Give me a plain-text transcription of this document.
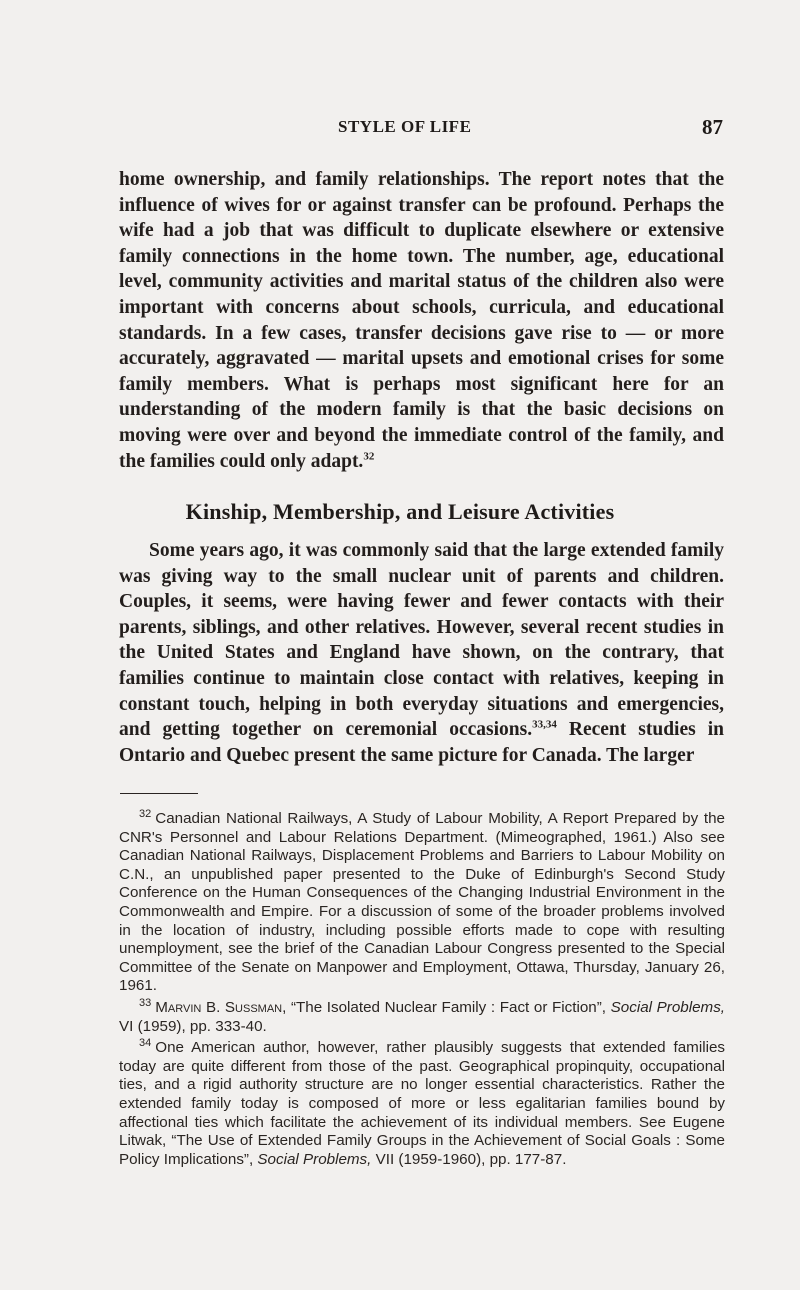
STYLE OF LIFE	87
home ownership, and family relationships. The report notes that the influence of wives for or against transfer can be profound. Perhaps the wife had a job that was difficult to duplicate elsewhere or extensive family connections in the home town. The number, age, educational level, community activities and marital status of the children also were important with concerns about schools, curricula, and educational standards. In a few cases, transfer decisions gave rise to — or more accurately, aggravated — marital upsets and emotional crises for some family members. What is perhaps most significant here for an understanding of the modern family is that the basic decisions on moving were over and beyond the immediate control of the family, and the families could only adapt.$^{32}$
Kinship, Membership, and Leisure Activities
Some years ago, it was commonly said that the large extended family was giving way to the small nuclear unit of parents and children. Couples, it seems, were having fewer and fewer contacts with their parents, siblings, and other relatives. However, several recent studies in the United States and England have shown, on the contrary, that families continue to maintain close contact with relatives, keeping in constant touch, helping in both everyday situations and emergencies, and getting together on ceremonial occasions.$^{33,34}$ Recent studies in Ontario and Quebec present the same picture for Canada. The larger

$^{32}$ Canadian National Railways, A Study of Labour Mobility, A Report Prepared by the CNR's Personnel and Labour Relations Department. (Mimeographed, 1961.) Also see Canadian National Railways, Displacement Problems and Barriers to Labour Mobility on C.N., an unpublished paper presented to the Duke of Edinburgh's Second Study Conference on the Human Consequences of the Changing Industrial Environment in the Commonwealth and Empire. For a discussion of some of the broader problems involved in the location of industry, including possible efforts made to cope with resulting unemployment, see the brief of the Canadian Labour Congress presented to the Special Committee of the Senate on Manpower and Employment, Ottawa, Thursday, January 26, 1961.

$^{33}$ Marvin B. Sussman, “The Isolated Nuclear Family : Fact or Fiction”, Social Problems, VI (1959), pp. 333-40.

$^{34}$ One American author, however, rather plausibly suggests that extended families today are quite different from those of the past. Geographical propinquity, occupational ties, and a rigid authority structure are no longer essential characteristics. Rather the extended family today is composed of more or less egalitarian families bound by affectional ties which facilitate the achievement of its individual members. See Eugene Litwak, “The Use of Extended Family Groups in the Achievement of Social Goals : Some Policy Implications”, Social Problems, VII (1959-1960), pp. 177-87.
